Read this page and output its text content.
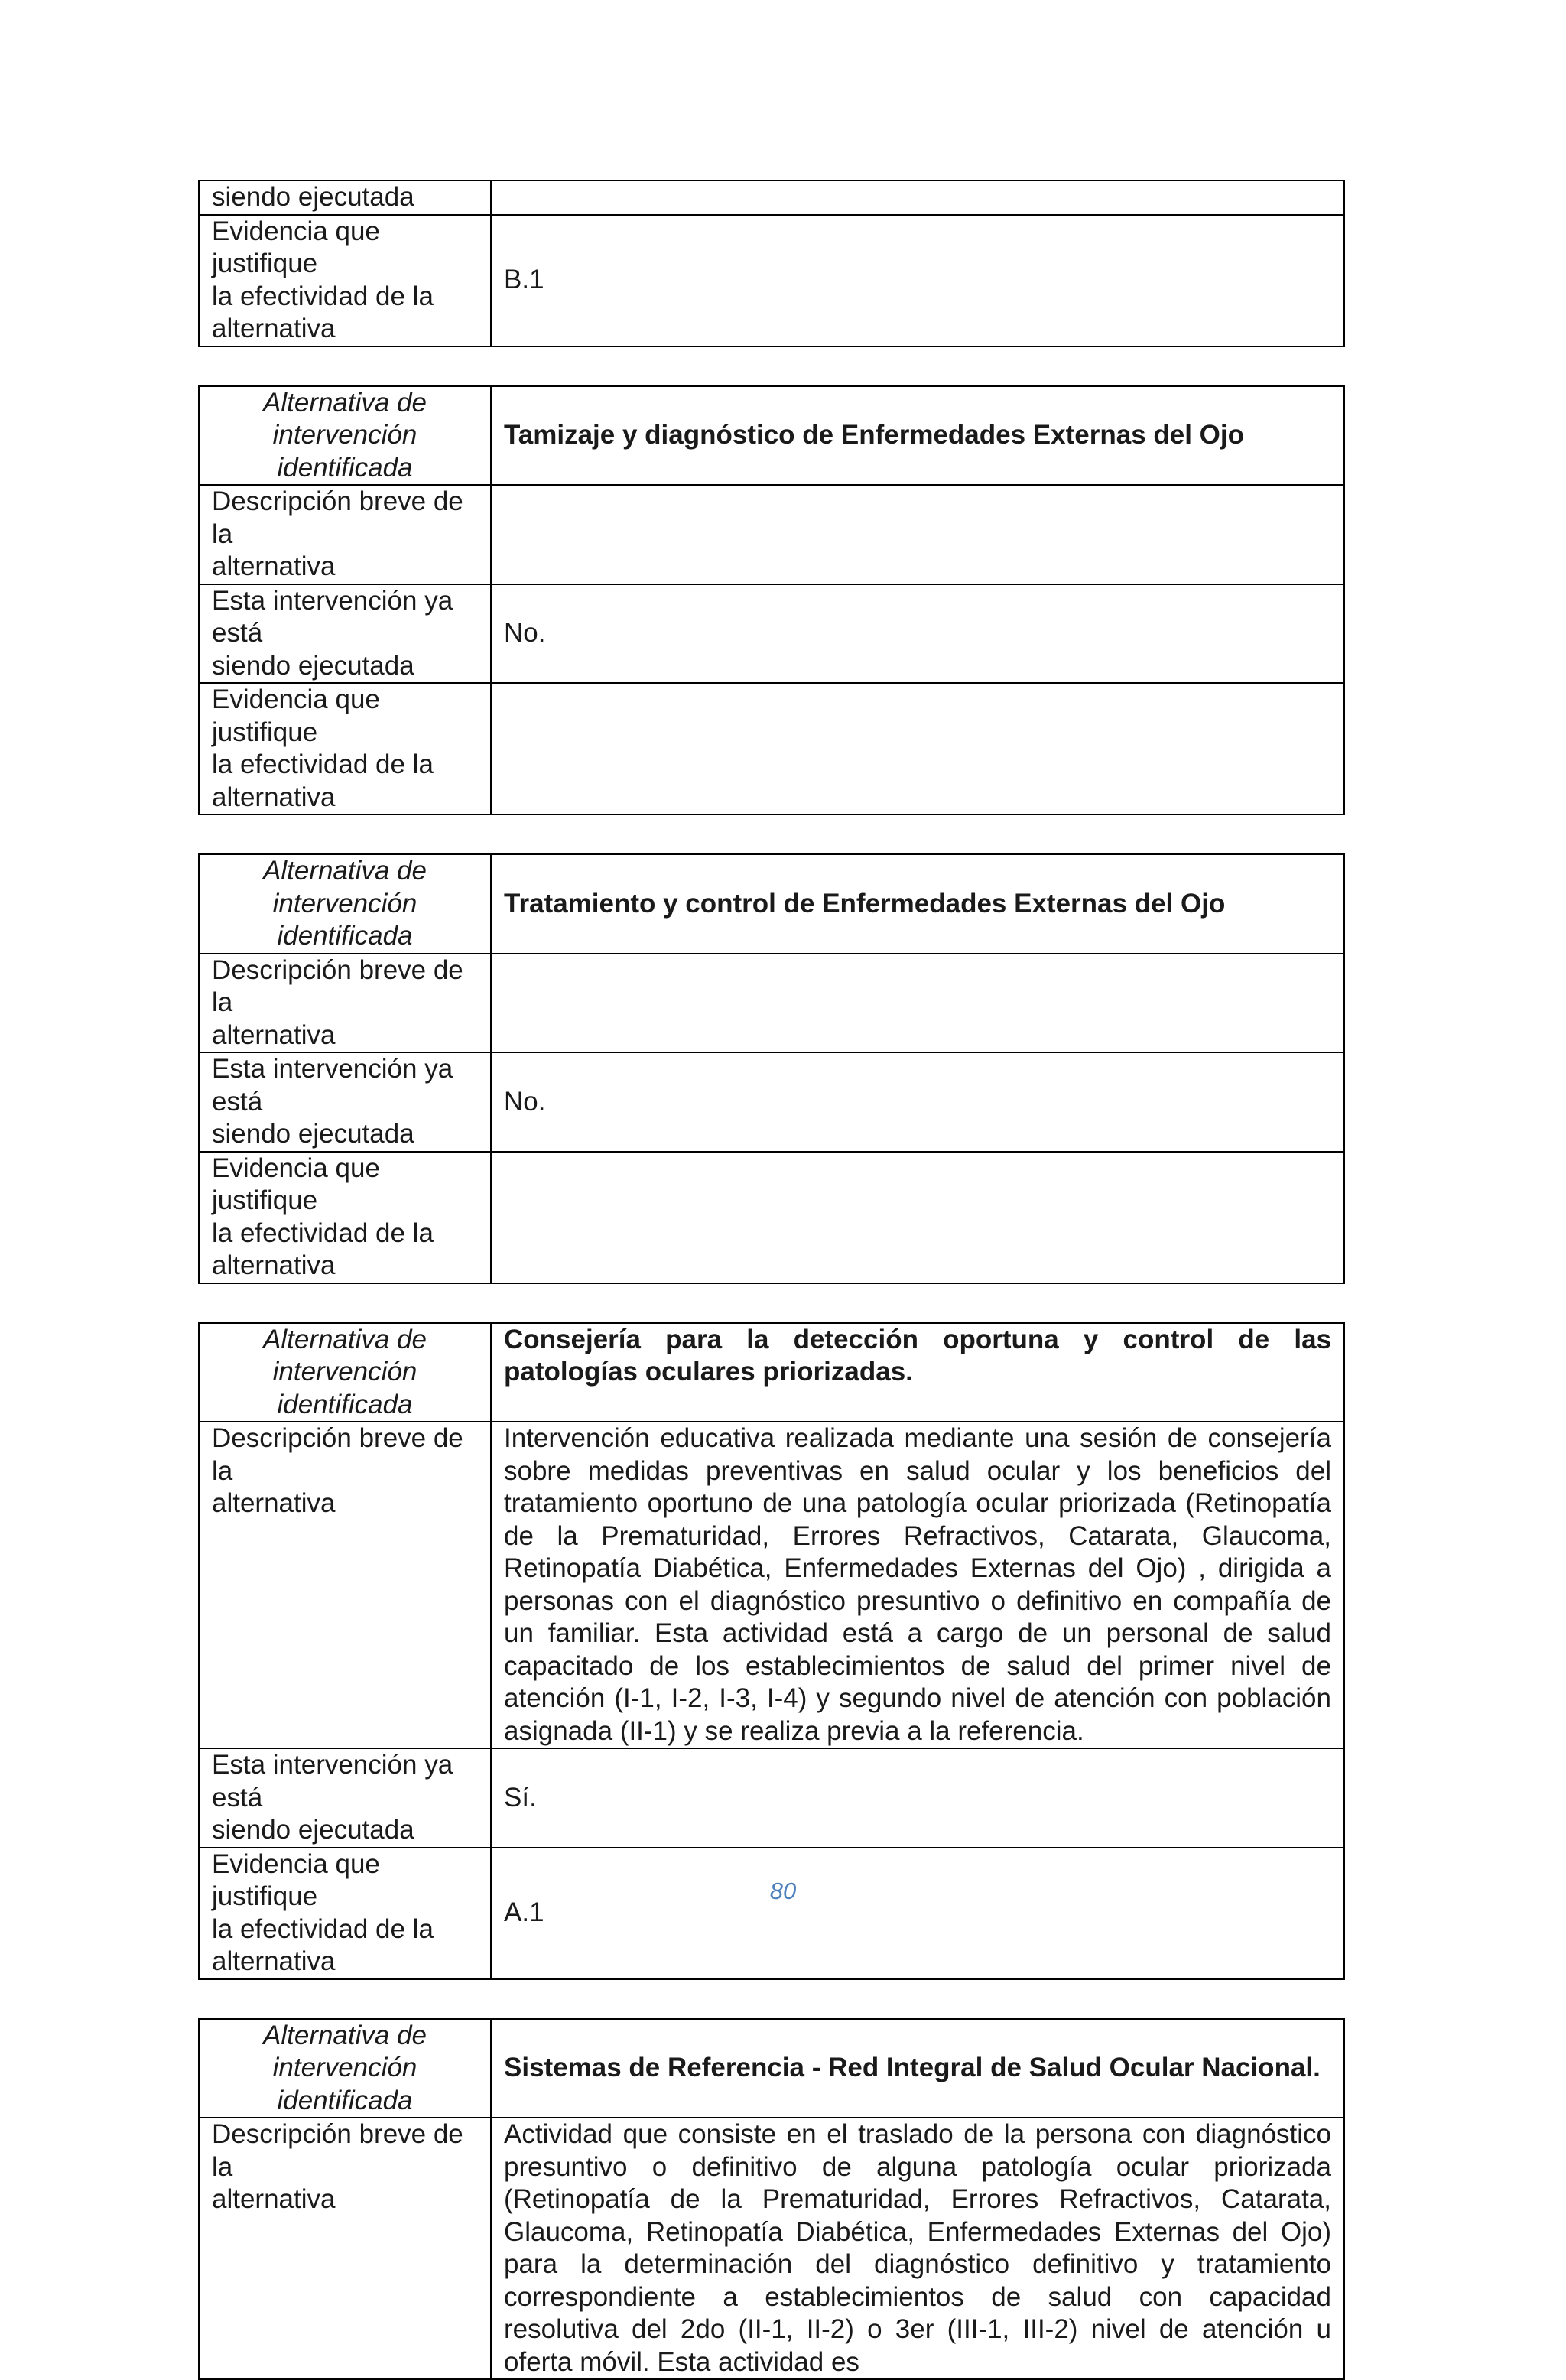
siendo ejecutada	

Evidencia que justifique
la efectividad de la
alternativa	B.1
Alternativa de
intervención identificada	Tamizaje y diagnóstico de Enfermedades Externas del Ojo

Descripción breve de la
alternativa	

Esta intervención ya está
siendo ejecutada	No.

Evidencia que justifique
la efectividad de la
alternativa	

Alternativa de
intervención identificada	Tratamiento y control de Enfermedades Externas del Ojo

Descripción breve de la
alternativa	

Esta intervención ya está
siendo ejecutada	No.

Evidencia que justifique
la efectividad de la
alternativa	

Alternativa de
intervención identificada	Consejería para la detección oportuna y control de las patologías oculares priorizadas.

Descripción breve de la
alternativa	Intervención educativa realizada mediante una sesión de consejería sobre medidas preventivas en salud ocular y los beneficios del tratamiento oportuno de una patología ocular priorizada (Retinopatía de la Prematuridad, Errores Refractivos, Catarata, Glaucoma, Retinopatía Diabética, Enfermedades Externas del Ojo) , dirigida a personas con el diagnóstico presuntivo o definitivo en compañía de un familiar. Esta actividad está a cargo de un personal de salud capacitado de los establecimientos de salud del primer nivel de atención (I-1, I-2, I-3, I-4) y segundo nivel de atención con población asignada (II-1) y se realiza previa a la referencia.

Esta intervención ya está
siendo ejecutada	Sí.

Evidencia que justifique
la efectividad de la
alternativa	A.1
Alternativa de
intervención identificada	Sistemas de Referencia - Red Integral de Salud Ocular Nacional.

Descripción breve de la
alternativa	Actividad que consiste en el traslado de la persona con diagnóstico presuntivo o definitivo de alguna patología ocular priorizada (Retinopatía de la Prematuridad, Errores Refractivos, Catarata, Glaucoma, Retinopatía Diabética, Enfermedades Externas del Ojo) para la determinación del diagnóstico definitivo y tratamiento correspondiente a establecimientos de salud con capacidad resolutiva del 2do (II-1, II-2) o 3er (III-1, III-2) nivel de atención u oferta móvil. Esta actividad es
80
